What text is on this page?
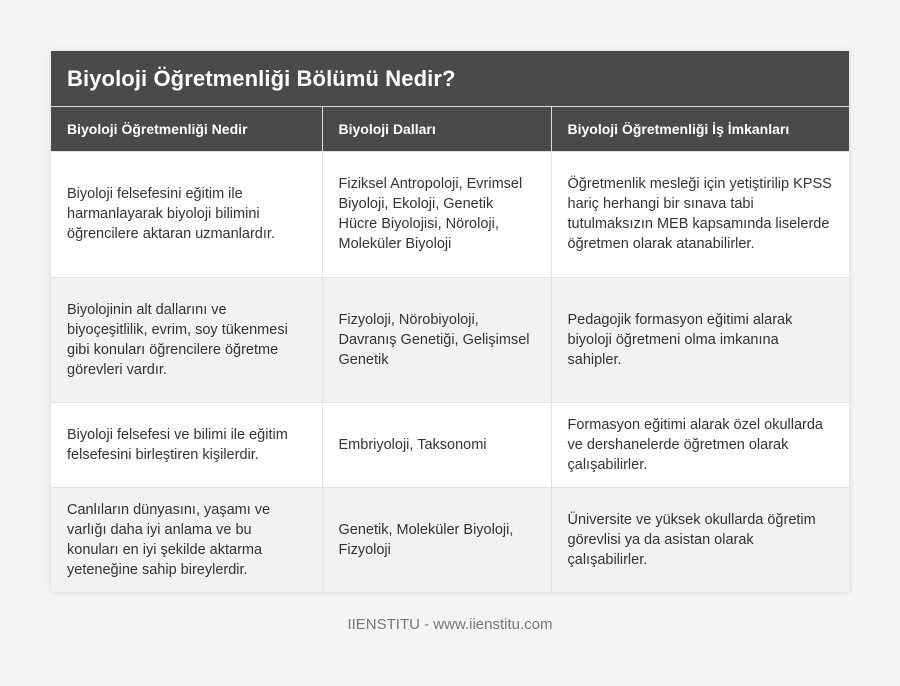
Biyoloji Öğretmenliği Bölümü Nedir?
Biyoloji Öğretmenliği Nedir	Biyoloji Dalları	Biyoloji Öğretmenliği İş İmkanları
Biyoloji felsefesini eğitim ile harmanlayarak biyoloji bilimini öğrencilere aktaran uzmanlardır.	Fiziksel Antropoloji, Evrimsel Biyoloji, Ekoloji, Genetik Hücre Biyolojisi, Nöroloji, Moleküler Biyoloji	Öğretmenlik mesleği için yetiştirilip KPSS hariç herhangi bir sınava tabi tutulmaksızın MEB kapsamında liselerde öğretmen olarak atanabilirler.
Biyolojinin alt dallarını ve biyoçeşitlilik, evrim, soy tükenmesi gibi konuları öğrencilere öğretme görevleri vardır.	Fizyoloji, Nörobiyoloji, Davranış Genetiği, Gelişimsel Genetik	Pedagojik formasyon eğitimi alarak biyoloji öğretmeni olma imkanına sahipler.
Biyoloji felsefesi ve bilimi ile eğitim felsefesini birleştiren kişilerdir.	Embriyoloji, Taksonomi	Formasyon eğitimi alarak özel okullarda ve dershanelerde öğretmen olarak çalışabilirler.
Canlıların dünyasını, yaşamı ve varlığı daha iyi anlama ve bu konuları en iyi şekilde aktarma yeteneğine sahip bireylerdir.	Genetik, Moleküler Biyoloji, Fizyoloji	Üniversite ve yüksek okullarda öğretim görevlisi ya da asistan olarak çalışabilirler.
IIENSTITU - www.iienstitu.com
